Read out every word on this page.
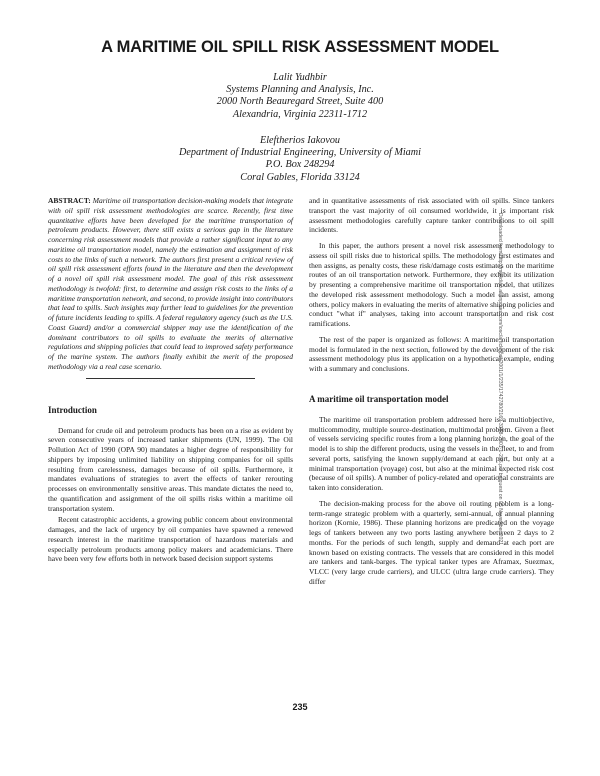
A MARITIME OIL SPILL RISK ASSESSMENT MODEL
Lalit Yudhbir
Systems Planning and Analysis, Inc.
2000 North Beauregard Street, Suite 400
Alexandria, Virginia 22311-1712
Eleftherios Iakovou
Department of Industrial Engineering, University of Miami
P.O. Box 248294
Coral Gables, Florida 33124

ABSTRACT: Maritime oil transportation decision-making models that integrate with oil spill risk assessment methodologies are scarce. Recently, first time quantitative efforts have been developed for the maritime transportation of petroleum products. However, there still exists a serious gap in the literature concerning risk assessment models that provide a rather significant input to any maritime oil transportation model, namely the estimation and assignment of risk costs to the links of such a network. The authors first present a critical review of oil spill risk assessment efforts found in the literature and then the development of a novel oil spill risk assessment model. The goal of this risk assessment methodology is twofold: first, to determine and assign risk costs to the links of a maritime transportation network, and second, to provide insight into contributors that lead to spills. Such insights may further lead to guidelines for the prevention of future incidents leading to spills. A federal regulatory agency (such as the U.S. Coast Guard) and/or a commercial shipper may use the identification of the dominant contributors to oil spills to evaluate the merits of alternative regulations and shipping policies that could lead to improved safety performance of the marine system. The authors finally exhibit the merit of the proposed methodology via a real case scenario.

Introduction

Demand for crude oil and petroleum products has been on a rise as evident by seven consecutive years of increased tanker shipments (UN, 1999). The Oil Pollution Act of 1990 (OPA 90) mandates a higher degree of responsibility for shippers by imposing unlimited liability on shipping companies for oil spills resulting from carelessness, damages because of oil spills. Furthermore, it mandates evaluations of strategies to avert the effects of tanker rerouting processes on environmentally sensitive areas. This mandate dictates the need to, the quantification and assignment of the oil spills risks within a maritime oil transportation system.

Recent catastrophic accidents, a growing public concern about environmental damages, and the lack of urgency by oil companies have spawned a renewed research interest in the maritime transportation of hazardous materials and especially petroleum products among policy makers and academicians. There have been very few efforts both in network based decision support systems

and in quantitative assessments of risk associated with oil spills. Since tankers transport the vast majority of oil consumed worldwide, it is important risk assessment methodologies carefully capture tanker contributions to oil spill incidents.

In this paper, the authors present a novel risk assessment methodology to assess oil spill risks due to historical spills. The methodology first estimates and then assigns, as penalty costs, these risk/damage costs estimates on the maritime routes of an oil transportation network. Furthermore, they exhibit its utilization by presenting a comprehensive maritime oil transportation model, that utilizes the developed risk assessment methodology. Such a model can assist, among others, policy makers in evaluating the merits of alternative shipping policies and conduct "what if" analyses, taking into account transportation and risk cost ramifications.

The rest of the paper is organized as follows: A maritime oil transportation model is formulated in the next section, followed by the development of the risk assessment methodology plus its application on a hypothetical example, ending with a summary and conclusions.

A maritime oil transportation model

The maritime oil transportation problem addressed here is a multiobjective, multicommodity, multiple source-destination, multimodal problem. Given a fleet of vessels servicing specific routes from a long planning horizon, the goal of the model is to ship the different products, using the vessels in the fleet, to and from several ports, satisfying the known supply/demand at each port, but only at a minimal transportation (voyage) cost, but also at the minimal expected risk cost (because of oil spills). A number of policy-related and operational constraints are taken into consideration.

The decision-making process for the above oil routing problem is a long-term-range strategic problem with a quarterly, semi-annual, or annual planning horizon (Kornie, 1986). These planning horizons are predicated on the voyage legs of tankers between any two ports lasting anywhere between 2 days to 2 months. For the periods of such length, supply and demand at each port are known based on existing contracts. The vessels that are considered in this model are tankers and tank-barges. The typical tanker types are Aframax, Suezmax, VLCC (very large crude carriers), and ULCC (ultra large crude carriers). They differ

235
Downloaded from http://meridian.allenpress.com/iosc/article-pdf/2001/1/235/1742780/2169-3358-2001-1-235.pdf by guest on 05 November 2021
